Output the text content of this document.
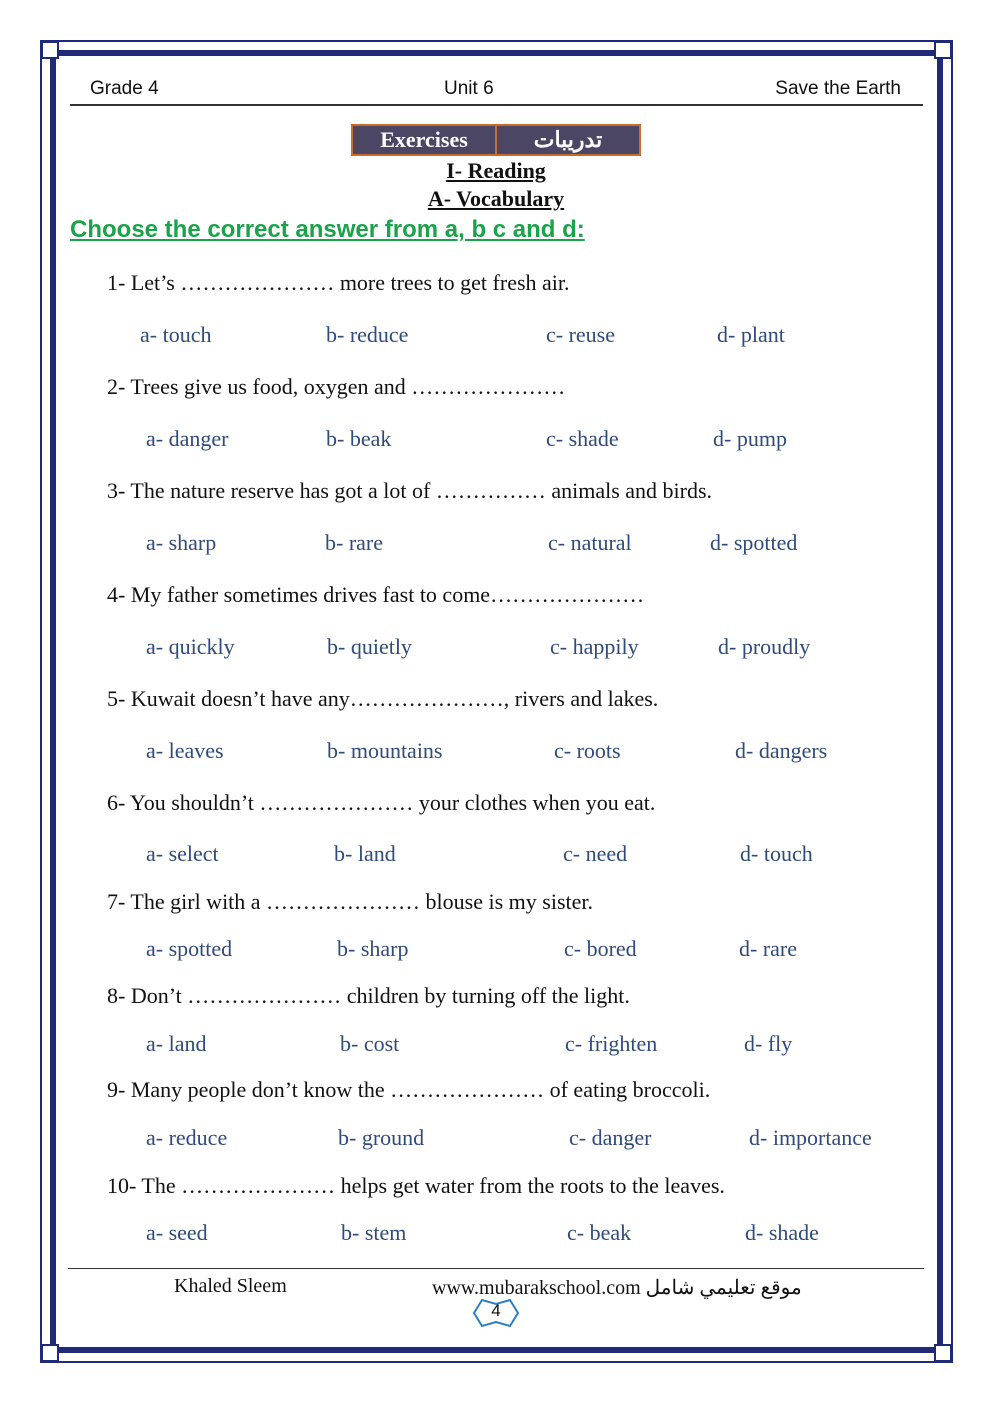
Grade 4	Unit 6	Save the Earth
Exercises	تدريبات
I- Reading
A- Vocabulary
Choose the correct answer from a, b c and d:
1- Let’s ………………… more trees to get fresh air.
a- touch	b- reduce	c- reuse	d- plant
2- Trees give us food, oxygen and …………………
a- danger	b- beak	c- shade	d- pump
3- The nature reserve has got a lot of …………… animals and birds.
a- sharp	b- rare	c- natural	d- spotted
4- My father sometimes drives fast to come…………………
a- quickly	b- quietly	c- happily	d- proudly
5- Kuwait doesn’t have any…………………, rivers and lakes.
a- leaves	b- mountains	c- roots	d- dangers
6- You shouldn’t ………………… your clothes when you eat.
a- select	b- land	c- need	d- touch
7- The girl with a ………………… blouse is my sister.
a- spotted	b- sharp	c- bored	d- rare
8- Don’t ………………… children by turning off the light.
a- land	b- cost	c- frighten	d- fly
9- Many people don’t know the ………………… of eating broccoli.
a- reduce	b- ground	c- danger	d- importance
10- The ………………… helps get water from the roots to the leaves.
a- seed	b- stem	c- beak	d- shade
Khaled Sleem	www.mubarakschool.com موقع تعليمي شامل
4
